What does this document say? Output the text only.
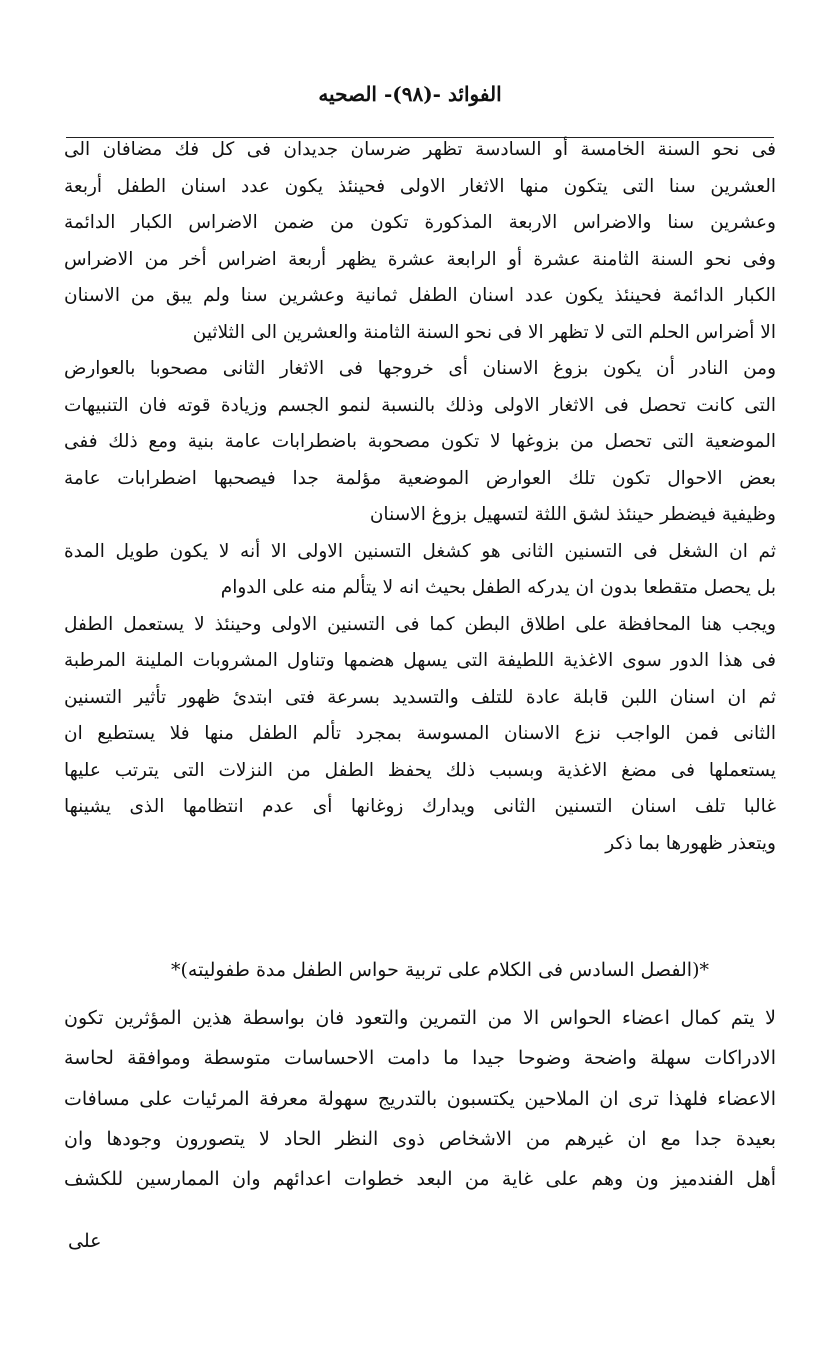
الفوائد -(٩٨)- الصحيه
فى نحو السنة الخامسة أو السادسة تظهر ضرسان جديدان فى كل فك مضافان الى
العشرين سنا التى يتكون منها الاثغار الاولى فحينئذ يكون عدد اسنان الطفل أربعة
وعشرين سنا والاضراس الاربعة المذكورة تكون من ضمن الاضراس الكبار الدائمة
وفى نحو السنة الثامنة عشرة أو الرابعة عشرة يظهر أربعة اضراس أخر من الاضراس
الكبار الدائمة فحينئذ يكون عدد اسنان الطفل ثمانية وعشرين سنا ولم يبق من الاسنان
الا أضراس الحلم التى لا تظهر الا فى نحو السنة الثامنة والعشرين الى الثلاثين
ومن النادر أن يكون بزوغ الاسنان أى خروجها فى الاثغار الثانى مصحوبا بالعوارض
التى كانت تحصل فى الاثغار الاولى وذلك بالنسبة لنمو الجسم وزيادة قوته فان التنبيهات
الموضعية التى تحصل من بزوغها لا تكون مصحوبة باضطرابات عامة بنية ومع ذلك ففى
بعض الاحوال تكون تلك العوارض الموضعية مؤلمة جدا فيصحبها اضطرابات عامة
وظيفية فيضطر حينئذ لشق اللثة لتسهيل بزوغ الاسنان
ثم ان الشغل فى التسنين الثانى هو كشغل التسنين الاولى الا أنه لا يكون طويل المدة
بل يحصل متقطعا بدون ان يدركه الطفل بحيث انه لا يتألم منه على الدوام
ويجب هنا المحافظة على اطلاق البطن كما فى التسنين الاولى وحينئذ لا يستعمل الطفل
فى هذا الدور سوى الاغذية اللطيفة التى يسهل هضمها وتناول المشروبات الملينة المرطبة
ثم ان اسنان اللبن قابلة عادة للتلف والتسديد بسرعة فتى ابتدئ ظهور تأثير التسنين
الثانى فمن الواجب نزع الاسنان المسوسة بمجرد تألم الطفل منها فلا يستطيع ان
يستعملها فى مضغ الاغذية وبسبب ذلك يحفظ الطفل من النزلات التى يترتب عليها
غالبا تلف اسنان التسنين الثانى ويدارك زوغانها أى عدم انتظامها الذى يشينها
ويتعذر ظهورها بما ذكر
*(الفصل السادس فى الكلام على تربية حواس الطفل مدة طفوليته)*
لا يتم كمال اعضاء الحواس الا من التمرين والتعود فان بواسطة هذين المؤثرين تكون
الادراكات سهلة واضحة وضوحا جيدا ما دامت الاحساسات متوسطة وموافقة لحاسة
الاعضاء فلهذا ترى ان الملاحين يكتسبون بالتدريج سهولة معرفة المرئيات على مسافات
بعيدة جدا مع ان غيرهم من الاشخاص ذوى النظر الحاد لا يتصورون وجودها وان
أهل الفندميز ون وهم على غاية من البعد خطوات اعدائهم وان الممارسين للكشف
على
